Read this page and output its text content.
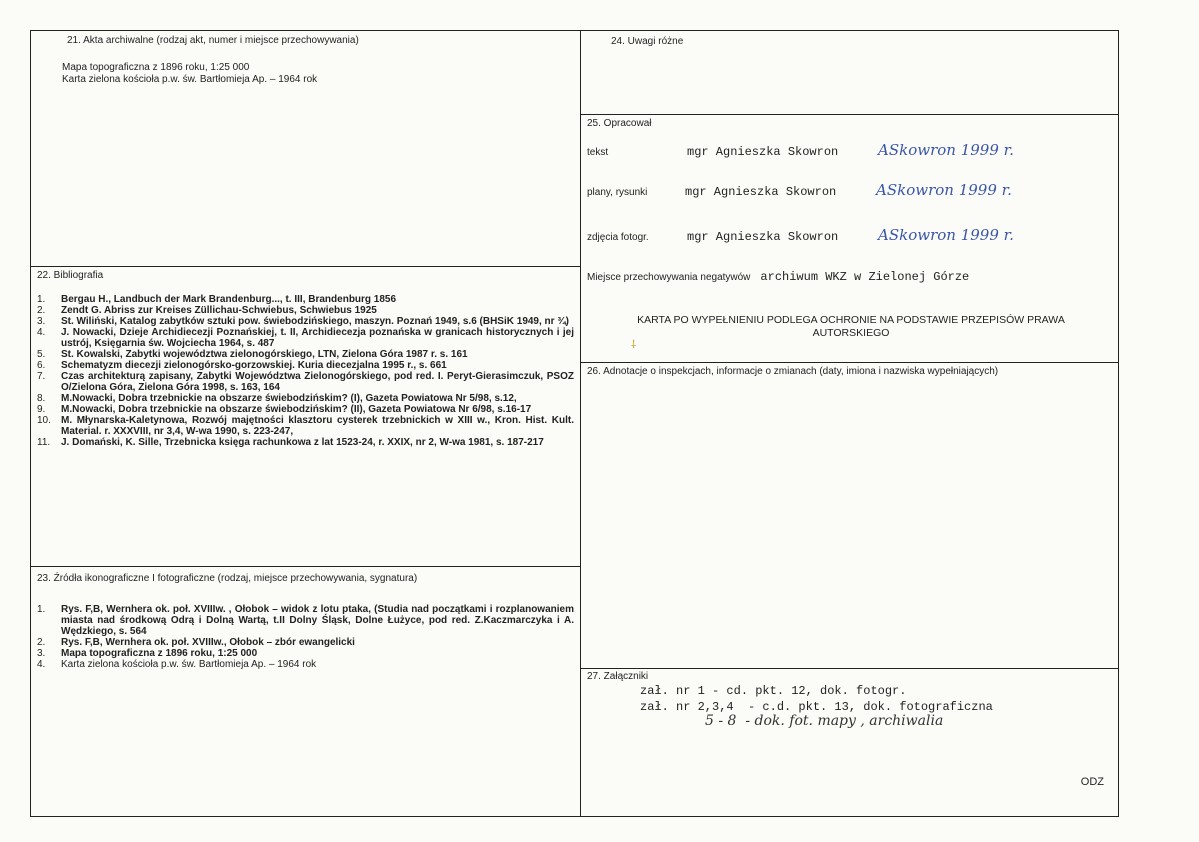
21. Akta archiwalne (rodzaj akt, numer i miejsce przechowywania)
Mapa topograficzna z 1896 roku, 1:25 000
Karta zielona kościoła p.w. św. Bartłomieja Ap. – 1964 rok
24. Uwagi różne
25. Opracował
tekst	mgr Agnieszka Skowron	ASkowron 1999 r.
plany, rysunki	mgr Agnieszka Skowron	ASkowron 1999 r.
zdjęcia fotogr.	mgr Agnieszka Skowron	ASkowron 1999 r.
Miejsce przechowywania negatywów archiwum WKZ w Zielonej Górze
KARTA PO WYPEŁNIENIU PODLEGA OCHRONIE NA PODSTAWIE PRZEPISÓW PRAWA AUTORSKIEGO
⸸
22. Bibliografia
1.	Bergau H., Landbuch der Mark Brandenburg..., t. III, Brandenburg 1856
2.	Zendt G. Abriss zur Kreises Züllichau-Schwiebus, Schwiebus 1925
3.	St. Wiliński, Katalog zabytków sztuki pow. świebodzińskiego, maszyn. Poznań 1949, s.6 (BHSiK 1949, nr ¾)
4.	J. Nowacki, Dzieje Archidiecezji Poznańskiej, t. II, Archidiecezja poznańska w granicach historycznych i jej ustrój, Księgarnia św. Wojciecha 1964, s. 487
5.	St. Kowalski, Zabytki województwa zielonogórskiego, LTN, Zielona Góra 1987 r. s. 161
6.	Schematyzm diecezji zielonogórsko-gorzowskiej. Kuria diecezjalna 1995 r., s. 661
7.	Czas architekturą zapisany, Zabytki Województwa Zielonogórskiego, pod red. I. Peryt-Gierasimczuk, PSOZ O/Zielona Góra, Zielona Góra 1998, s. 163, 164
8.	M.Nowacki, Dobra trzebnickie na obszarze świebodzińskim? (I), Gazeta Powiatowa Nr 5/98, s.12,
9.	M.Nowacki, Dobra trzebnickie na obszarze świebodzińskim? (II), Gazeta Powiatowa Nr 6/98, s.16-17
10.	M. Młynarska-Kaletynowa, Rozwój majętności klasztoru cysterek trzebnickich w XIII w., Kron. Hist. Kult. Material. r. XXXVIII, nr 3,4, W-wa 1990, s. 223-247,
11.	J. Domański, K. Sille, Trzebnicka księga rachunkowa z lat 1523-24, r. XXIX, nr 2, W-wa 1981, s. 187-217
26. Adnotacje o inspekcjach, informacje o zmianach (daty, imiona i nazwiska wypełniających)
23. Źródła ikonograficzne I fotograficzne (rodzaj, miejsce przechowywania, sygnatura)
1.	Rys. F,B, Wernhera ok. poł. XVIIIw. , Ołobok – widok z lotu ptaka, (Studia nad początkami i rozplanowaniem miasta nad środkową Odrą i Dolną Wartą, t.II Dolny Śląsk, Dolne Łużyce, pod red. Z.Kaczmarczyka i A. Wędzkiego, s. 564
2.	Rys. F,B, Wernhera ok. poł. XVIIIw., Ołobok – zbór ewangelicki
3.	Mapa topograficzna z 1896 roku, 1:25 000
4.	Karta zielona kościoła p.w. św. Bartłomieja Ap. – 1964 rok
27. Załączniki
zał. nr 1 - cd. pkt. 12, dok. fotogr.
zał. nr 2,3,4  - c.d. pkt. 13, dok. fotograficzna
5 - 8  - dok. fot. mapy , archiwalia
ODZ
